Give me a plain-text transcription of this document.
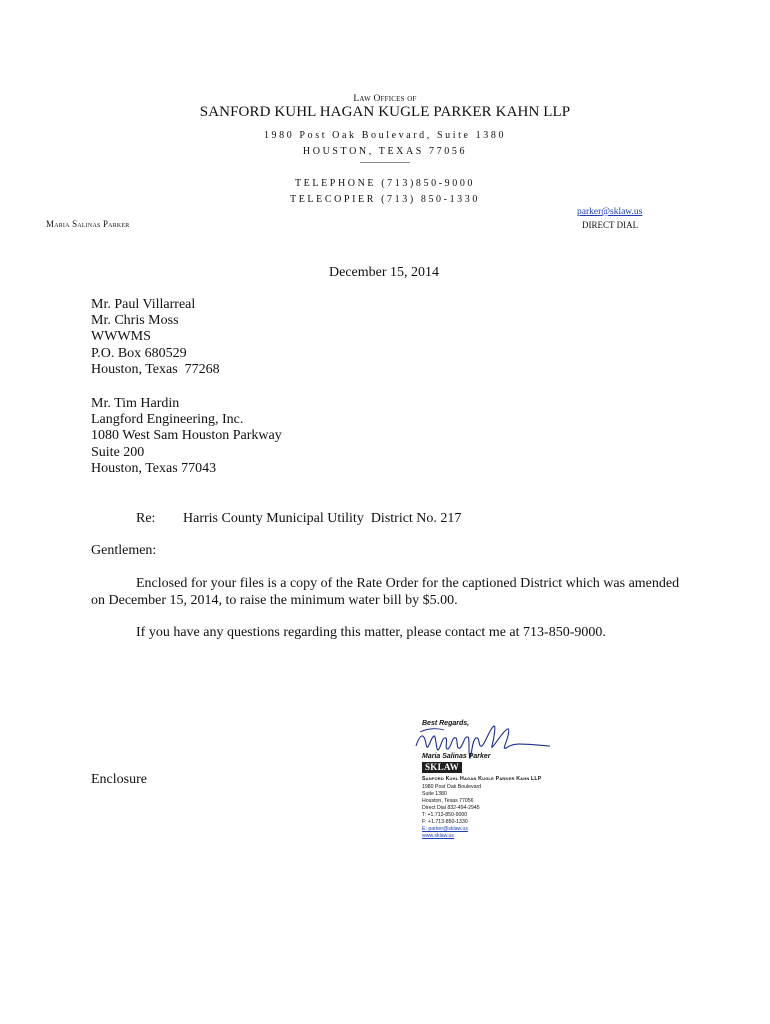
Law Offices of
SANFORD KUHL HAGAN KUGLE PARKER KAHN LLP
1980 Post Oak Boulevard, Suite 1380
HOUSTON, TEXAS 77056
TELEPHONE (713)850-9000
TELECOPIER (713) 850-1330
parker@sklaw.us
DIRECT DIAL
Maria Salinas Parker
December 15, 2014
Mr. Paul Villarreal
Mr. Chris Moss
WWWMS
P.O. Box 680529
Houston, Texas  77268
Mr. Tim Hardin
Langford Engineering, Inc.
1080 West Sam Houston Parkway
Suite 200
Houston, Texas 77043
Re: Harris County Municipal Utility  District No. 217
Gentlemen:
Enclosed for your files is a copy of the Rate Order for the captioned District which was amended on December 15, 2014, to raise the minimum water bill by $5.00.
If you have any questions regarding this matter, please contact me at 713-850-9000.
Enclosure
Best Regards,
Maria Salinas Parker
SKLAW
Sanford Kuhl Hagan Kugle Parker Kahn LLP
1980 Post Oak Boulevard
Suite 1380
Houston, Texas 77056
Direct Dial 832-494-2945
T: +1.713-850-9000
F: +1.713-850-1330
E: parker@sklaw.us
www.sklaw.us
